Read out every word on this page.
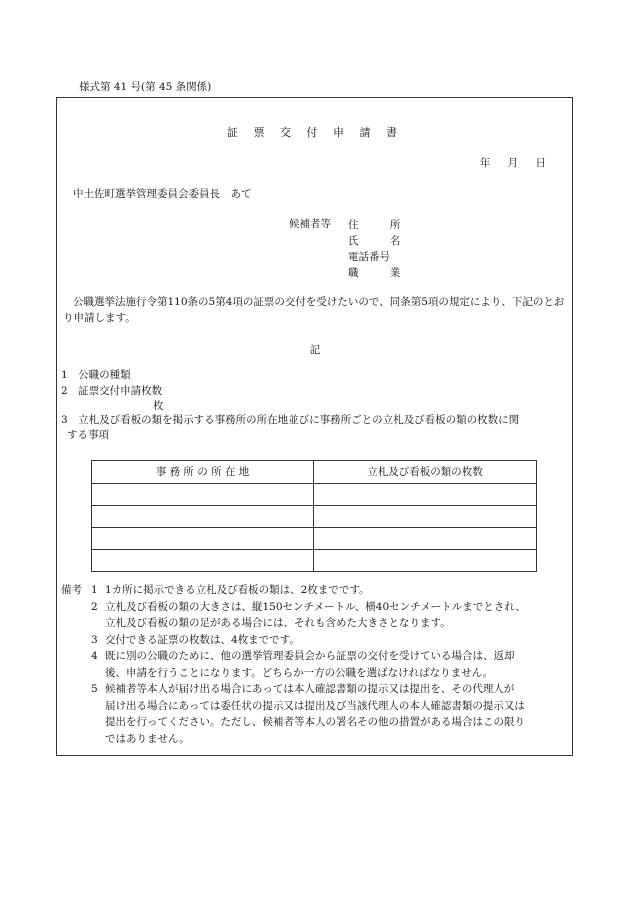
様式第 41 号(第 45 条関係)
証 票 交 付 申 請 書
年 月 日
中土佐町選挙管理委員会委員長　あて
候補者等 住 所
氏 名
電話番号
職 業
公職選挙法施行令第110条の5第4項の証票の交付を受けたいので、同条第5項の規定により、下記のとおり申請します。
記
1　公職の種類
2　証票交付申請枚数
枚
3　立札及び看板の類を掲示する事務所の所在地並びに事務所ごとの立札及び看板の類の枚数に関
する事項
事 務 所 の 所 在 地	立札及び看板の類の枚数

備考 1 1カ所に掲示できる立札及び看板の類は、2枚までです。
2 立札及び看板の類の大きさは、縦150センチメートル、横40センチメートルまでとされ、
立札及び看板の類の足がある場合には、それも含めた大きさとなります。
3 交付できる証票の枚数は、4枚までです。
4 既に別の公職のために、他の選挙管理委員会から証票の交付を受けている場合は、返却
後、申請を行うことになります。どちらか一方の公職を選ばなければなりません。
5 候補者等本人が届け出る場合にあっては本人確認書類の提示又は提出を、その代理人が
届け出る場合にあっては委任状の提示又は提出及び当該代理人の本人確認書類の提示又は
提出を行ってください。ただし、候補者等本人の署名その他の措置がある場合はこの限り
ではありません。
